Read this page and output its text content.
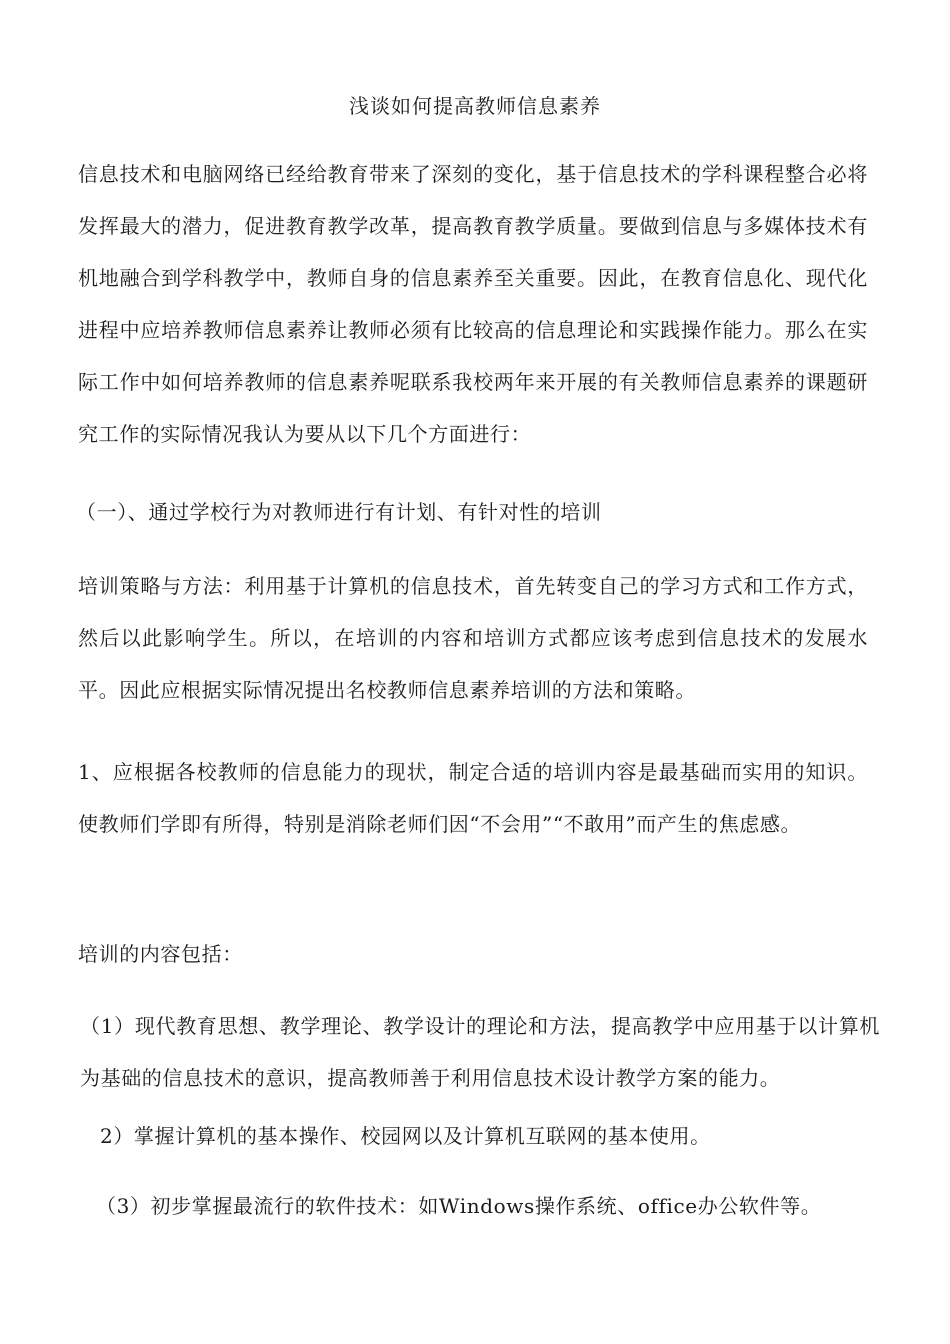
浅谈如何提高教师信息素养
信息技术和电脑网络已经给教育带来了深刻的变化，基于信息技术的学科课程整合必将发挥最大的潜力，促进教育教学改革，提高教育教学质量。要做到信息与多媒体技术有机地融合到学科教学中，教师自身的信息素养至关重要。因此，在教育信息化、现代化进程中应培养教师信息素养让教师必须有比较高的信息理论和实践操作能力。那么在实际工作中如何培养教师的信息素养呢联系我校两年来开展的有关教师信息素养的课题研究工作的实际情况我认为要从以下几个方面进行：
（一）、通过学校行为对教师进行有计划、有针对性的培训
培训策略与方法：利用基于计算机的信息技术，首先转变自己的学习方式和工作方式，然后以此影响学生。所以，在培训的内容和培训方式都应该考虑到信息技术的发展水平。因此应根据实际情况提出名校教师信息素养培训的方法和策略。
1、应根据各校教师的信息能力的现状，制定合适的培训内容是最基础而实用的知识。使教师们学即有所得，特别是消除老师们因“不会用”“不敢用”而产生的焦虑感。
培训的内容包括：
（1）现代教育思想、教学理论、教学设计的理论和方法，提高教学中应用基于以计算机为基础的信息技术的意识，提高教师善于利用信息技术设计教学方案的能力。
2）掌握计算机的基本操作、校园网以及计算机互联网的基本使用。
（3）初步掌握最流行的软件技术：如Windows操作系统、office办公软件等。
